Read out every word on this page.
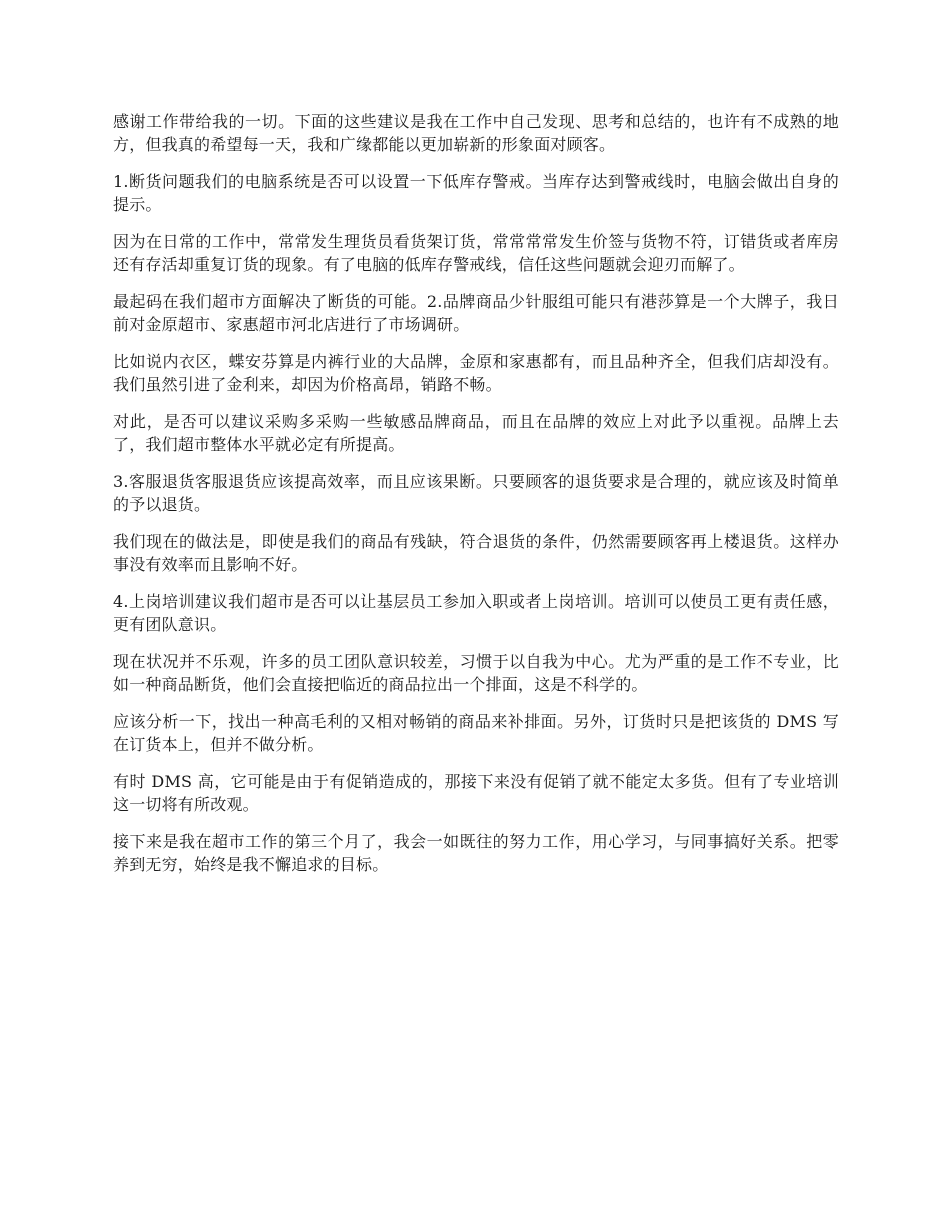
感谢工作带给我的一切。下面的这些建议是我在工作中自己发现、思考和总结的，也许有不成熟的地方，但我真的希望每一天，我和广缘都能以更加崭新的形象面对顾客。

1.断货问题我们的电脑系统是否可以设置一下低库存警戒。当库存达到警戒线时，电脑会做出自身的提示。

因为在日常的工作中，常常发生理货员看货架订货，常常常常发生价签与货物不符，订错货或者库房还有存活却重复订货的现象。有了电脑的低库存警戒线，信任这些问题就会迎刃而解了。

最起码在我们超市方面解决了断货的可能。2.品牌商品少针服组可能只有港莎算是一个大牌子，我日前对金原超市、家惠超市河北店进行了市场调研。

比如说内衣区，蝶安芬算是内裤行业的大品牌，金原和家惠都有，而且品种齐全，但我们店却没有。我们虽然引进了金利来，却因为价格高昂，销路不畅。

对此，是否可以建议采购多采购一些敏感品牌商品，而且在品牌的效应上对此予以重视。品牌上去了，我们超市整体水平就必定有所提高。

3.客服退货客服退货应该提高效率，而且应该果断。只要顾客的退货要求是合理的，就应该及时简单的予以退货。

我们现在的做法是，即使是我们的商品有残缺，符合退货的条件，仍然需要顾客再上楼退货。这样办事没有效率而且影响不好。

4.上岗培训建议我们超市是否可以让基层员工参加入职或者上岗培训。培训可以使员工更有责任感，更有团队意识。

现在状况并不乐观，许多的员工团队意识较差，习惯于以自我为中心。尤为严重的是工作不专业，比如一种商品断货，他们会直接把临近的商品拉出一个排面，这是不科学的。

应该分析一下，找出一种高毛利的又相对畅销的商品来补排面。另外，订货时只是把该货的 DMS 写在订货本上，但并不做分析。

有时 DMS 高，它可能是由于有促销造成的，那接下来没有促销了就不能定太多货。但有了专业培训这一切将有所改观。

接下来是我在超市工作的第三个月了，我会一如既往的努力工作，用心学习，与同事搞好关系。把零养到无穷，始终是我不懈追求的目标。
